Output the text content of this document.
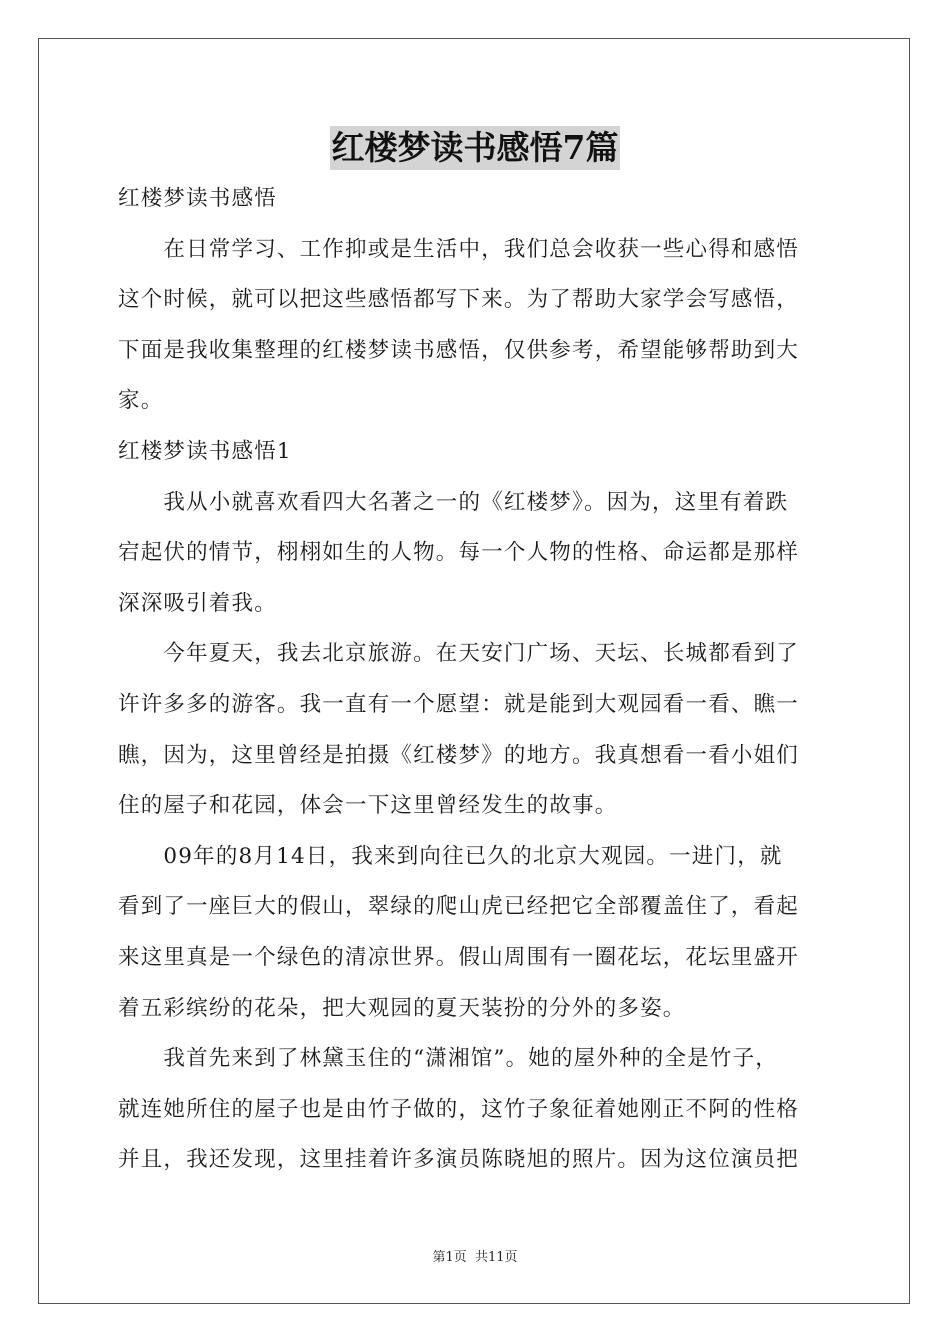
红楼梦读书感悟7篇
红楼梦读书感悟
　　在日常学习、工作抑或是生活中，我们总会收获一些心得和感悟
这个时候，就可以把这些感悟都写下来。为了帮助大家学会写感悟，
下面是我收集整理的红楼梦读书感悟，仅供参考，希望能够帮助到大
家。
红楼梦读书感悟1
　　我从小就喜欢看四大名著之一的《红楼梦》。因为，这里有着跌
宕起伏的情节，栩栩如生的人物。每一个人物的性格、命运都是那样
深深吸引着我。
　　今年夏天，我去北京旅游。在天安门广场、天坛、长城都看到了
许许多多的游客。我一直有一个愿望：就是能到大观园看一看、瞧一
瞧，因为，这里曾经是拍摄《红楼梦》的地方。我真想看一看小姐们
住的屋子和花园，体会一下这里曾经发生的故事。
　　09年的8月14日，我来到向往已久的北京大观园。一进门，就
看到了一座巨大的假山，翠绿的爬山虎已经把它全部覆盖住了，看起
来这里真是一个绿色的清凉世界。假山周围有一圈花坛，花坛里盛开
着五彩缤纷的花朵，把大观园的夏天装扮的分外的多姿。
　　我首先来到了林黛玉住的“潇湘馆”。她的屋外种的全是竹子，
就连她所住的屋子也是由竹子做的，这竹子象征着她刚正不阿的性格
并且，我还发现，这里挂着许多演员陈晓旭的照片。因为这位演员把
第1页 共11页
